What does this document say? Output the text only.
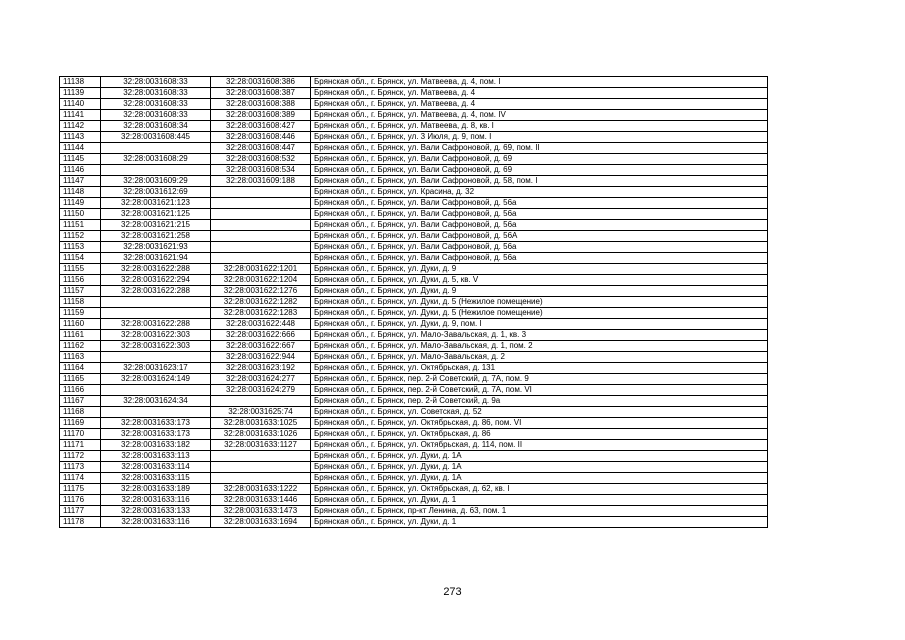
11138	32:28:0031608:33	32:28:0031608:386	Брянская обл., г. Брянск, ул. Матвеева, д. 4, пом. I
11139	32:28:0031608:33	32:28:0031608:387	Брянская обл., г. Брянск, ул. Матвеева, д. 4
11140	32:28:0031608:33	32:28:0031608:388	Брянская обл., г. Брянск, ул. Матвеева, д. 4
11141	32:28:0031608:33	32:28:0031608:389	Брянская обл., г. Брянск, ул. Матвеева, д. 4, пом. IV
11142	32:28:0031608:34	32:28:0031608:427	Брянская обл., г. Брянск, ул. Матвеева, д. 8, кв. I
11143	32:28:0031608:445	32:28:0031608:446	Брянская обл., г. Брянск, ул. 3 Июля, д. 9, пом. I
11144		32:28:0031608:447	Брянская обл., г. Брянск, ул. Вали Сафроновой, д. 69, пом. II
11145	32:28:0031608:29	32:28:0031608:532	Брянская обл., г. Брянск, ул. Вали Сафроновой, д. 69
11146		32:28:0031608:534	Брянская обл., г. Брянск, ул. Вали Сафроновой, д. 69
11147	32:28:0031609:29	32:28:0031609:188	Брянская обл., г. Брянск, ул. Вали Сафроновой, д. 58, пом. I
11148	32:28:0031612:69		Брянская обл., г. Брянск, ул. Красина, д. 32
11149	32:28:0031621:123		Брянская обл., г. Брянск, ул. Вали Сафроновой, д. 56а
11150	32:28:0031621:125		Брянская обл., г. Брянск, ул. Вали Сафроновой, д. 56а
11151	32:28:0031621:215		Брянская обл., г. Брянск, ул. Вали Сафроновой, д. 56а
11152	32:28:0031621:258		Брянская обл., г. Брянск, ул. Вали Сафроновой, д. 56А
11153	32:28:0031621:93		Брянская обл., г. Брянск, ул. Вали Сафроновой, д. 56а
11154	32:28:0031621:94		Брянская обл., г. Брянск, ул. Вали Сафроновой, д. 56а
11155	32:28:0031622:288	32:28:0031622:1201	Брянская обл., г. Брянск, ул. Дуки, д. 9
11156	32:28:0031622:294	32:28:0031622:1204	Брянская обл., г. Брянск, ул. Дуки, д. 5, кв. V
11157	32:28:0031622:288	32:28:0031622:1276	Брянская обл., г. Брянск, ул. Дуки, д. 9
11158		32:28:0031622:1282	Брянская обл., г. Брянск, ул. Дуки, д. 5 (Нежилое помещение)
11159		32:28:0031622:1283	Брянская обл., г. Брянск, ул. Дуки, д. 5 (Нежилое помещение)
11160	32:28:0031622:288	32:28:0031622:448	Брянская обл., г. Брянск, ул. Дуки, д. 9, пом. I
11161	32:28:0031622:303	32:28:0031622:666	Брянская обл., г. Брянск, ул. Мало-Завальская, д. 1, кв. 3
11162	32:28:0031622:303	32:28:0031622:667	Брянская обл., г. Брянск, ул. Мало-Завальская, д. 1, пом. 2
11163		32:28:0031622:944	Брянская обл., г. Брянск, ул. Мало-Завальская, д. 2
11164	32:28:0031623:17	32:28:0031623:192	Брянская обл., г. Брянск, ул. Октябрьская, д. 131
11165	32:28:0031624:149	32:28:0031624:277	Брянская обл., г. Брянск, пер. 2-й Советский, д. 7А, пом. 9
11166		32:28:0031624:279	Брянская обл., г. Брянск, пер. 2-й Советский, д. 7А, пом. VI
11167	32:28:0031624:34		Брянская обл., г. Брянск, пер. 2-й Советский, д. 9а
11168		32:28:0031625:74	Брянская обл., г. Брянск, ул. Советская, д. 52
11169	32:28:0031633:173	32:28:0031633:1025	Брянская обл., г. Брянск, ул. Октябрьская, д. 86, пом. VI
11170	32:28:0031633:173	32:28:0031633:1026	Брянская обл., г. Брянск, ул. Октябрьская, д. 86
11171	32:28:0031633:182	32:28:0031633:1127	Брянская обл., г. Брянск, ул. Октябрьская, д. 114, пом. II
11172	32:28:0031633:113		Брянская обл., г. Брянск, ул. Дуки, д. 1А
11173	32:28:0031633:114		Брянская обл., г. Брянск, ул. Дуки, д. 1А
11174	32:28:0031633:115		Брянская обл., г. Брянск, ул. Дуки, д. 1А
11175	32:28:0031633:189	32:28:0031633:1222	Брянская обл., г. Брянск, ул. Октябрьская, д. 62, кв. I
11176	32:28:0031633:116	32:28:0031633:1446	Брянская обл., г. Брянск, ул. Дуки, д. 1
11177	32:28:0031633:133	32:28:0031633:1473	Брянская обл., г. Брянск, пр-кт Ленина, д. 63, пом. 1
11178	32:28:0031633:116	32:28:0031633:1694	Брянская обл., г. Брянск, ул. Дуки, д. 1
273
